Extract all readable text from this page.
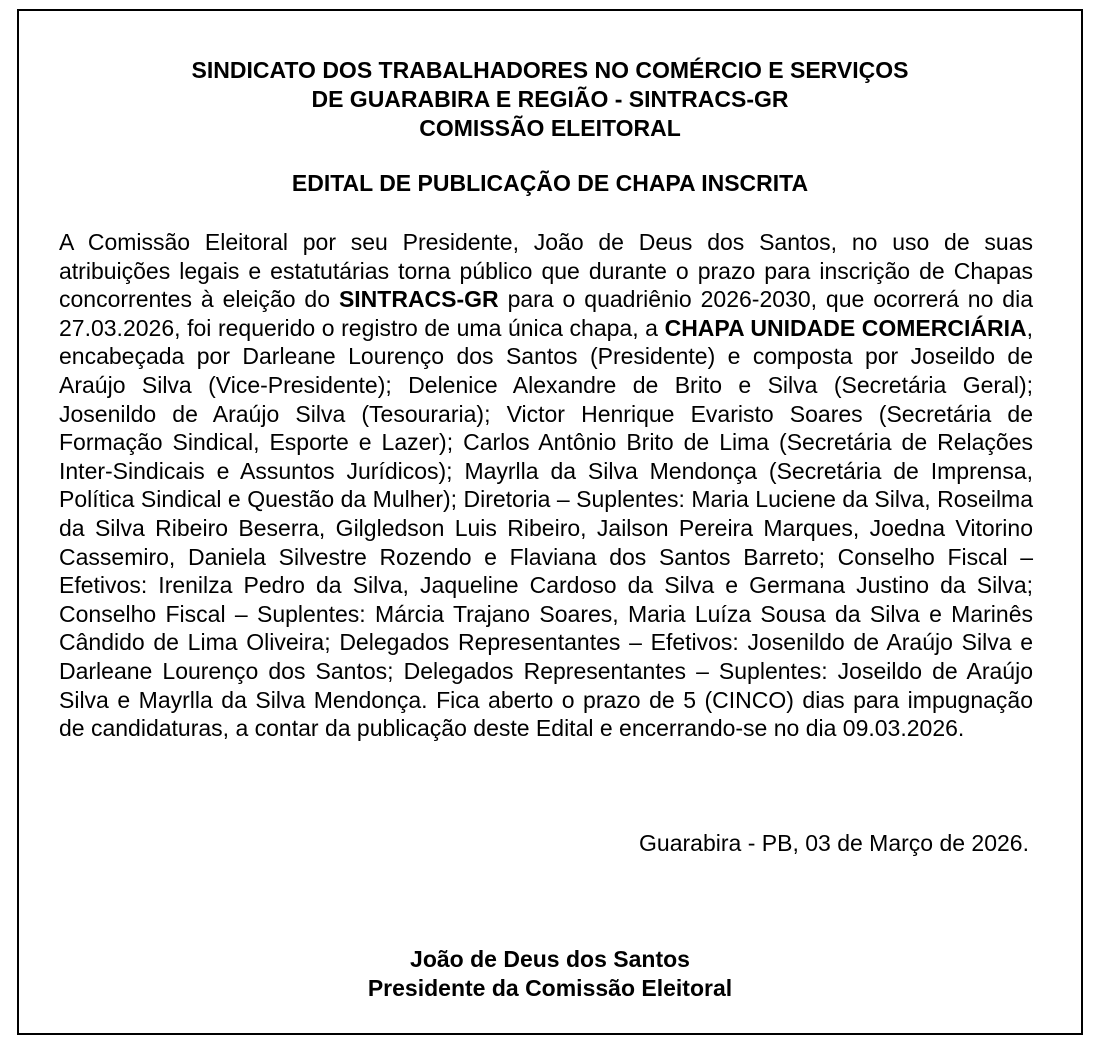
SINDICATO DOS TRABALHADORES NO COMÉRCIO E SERVIÇOS
DE GUARABIRA E REGIÃO - SINTRACS-GR
COMISSÃO ELEITORAL
EDITAL DE PUBLICAÇÃO DE CHAPA INSCRITA

A Comissão Eleitoral por seu Presidente, João de Deus dos Santos, no uso de suas atribuições legais e estatutárias torna público que durante o prazo para inscrição de Chapas concorrentes à eleição do SINTRACS-GR para o quadriênio 2026-2030, que ocorrerá no dia 27.03.2026, foi requerido o registro de uma única chapa, a CHAPA UNIDADE COMERCIÁRIA, encabeçada por Darleane Lourenço dos Santos (Presidente) e composta por Joseildo de Araújo Silva (Vice-Presidente); Delenice Alexandre de Brito e Silva (Secretária Geral); Josenildo de Araújo Silva (Tesouraria); Victor Henrique Evaristo Soares (Secretária de Formação Sindical, Esporte e Lazer); Carlos Antônio Brito de Lima (Secretária de Relações Inter-Sindicais e Assuntos Jurídicos); Mayrlla da Silva Mendonça (Secretária de Imprensa, Política Sindical e Questão da Mulher); Diretoria – Suplentes: Maria Luciene da Silva, Roseilma da Silva Ribeiro Beserra, Gilgledson Luis Ribeiro, Jailson Pereira Marques, Joedna Vitorino Cassemiro, Daniela Silvestre Rozendo e Flaviana dos Santos Barreto; Conselho Fiscal – Efetivos: Irenilza Pedro da Silva, Jaqueline Cardoso da Silva e Germana Justino da Silva; Conselho Fiscal – Suplentes: Márcia Trajano Soares, Maria Luíza Sousa da Silva e Marinês Cândido de Lima Oliveira; Delegados Representantes – Efetivos: Josenildo de Araújo Silva e Darleane Lourenço dos Santos; Delegados Representantes – Suplentes: Joseildo de Araújo Silva e Mayrlla da Silva Mendonça. Fica aberto o prazo de 5 (CINCO) dias para impugnação de candidaturas, a contar da publicação deste Edital e encerrando-se no dia 09.03.2026.

Guarabira - PB, 03 de Março de 2026.
João de Deus dos Santos
Presidente da Comissão Eleitoral
